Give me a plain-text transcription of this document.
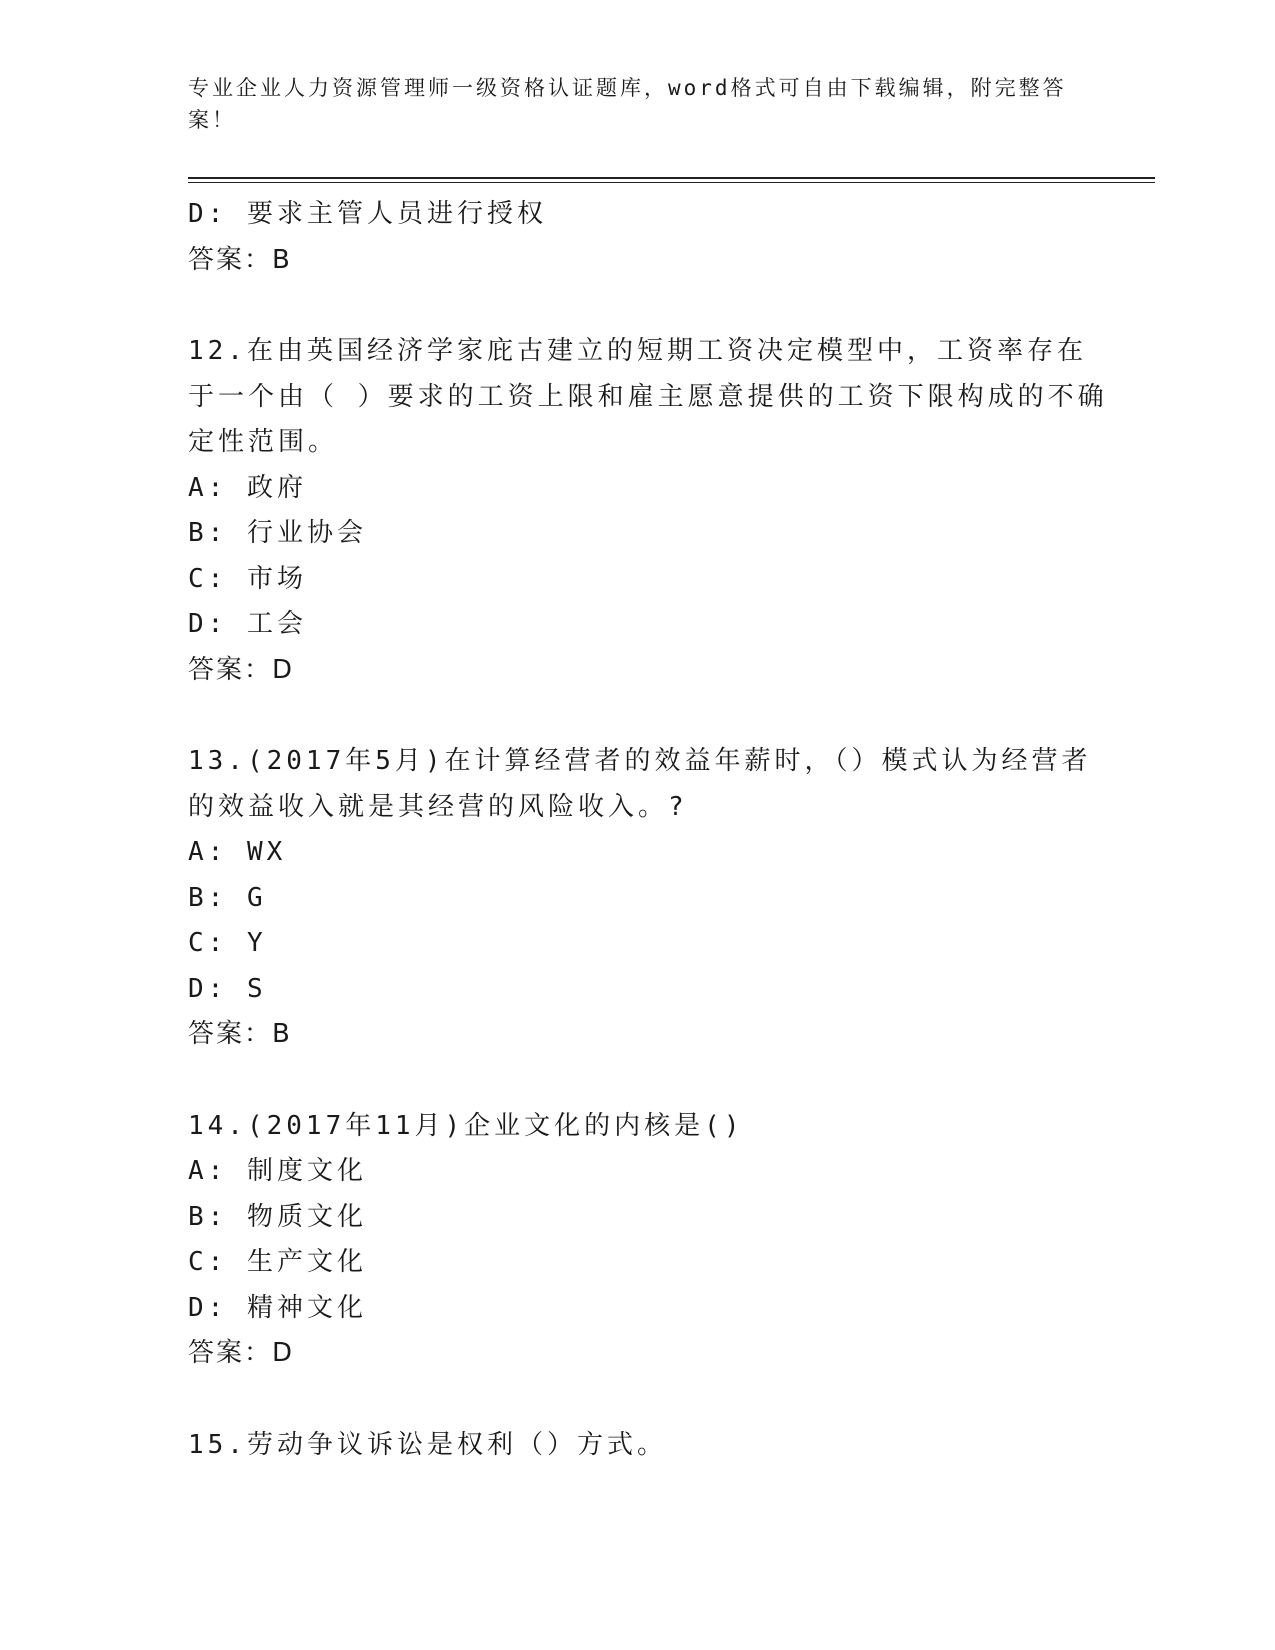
专业企业人力资源管理师一级资格认证题库，word格式可自由下载编辑，附完整答案！
D: 要求主管人员进行授权
答案：B
12.在由英国经济学家庇古建立的短期工资决定模型中，工资率存在于一个由（ ）要求的工资上限和雇主愿意提供的工资下限构成的不确定性范围。
A: 政府
B: 行业协会
C: 市场
D: 工会
答案：D
13.(2017年5月)在计算经营者的效益年薪时，（）模式认为经营者的效益收入就是其经营的风险收入。?
A: WX
B: G
C: Y
D: S
答案：B
14.(2017年11月)企业文化的内核是()
A: 制度文化
B: 物质文化
C: 生产文化
D: 精神文化
答案：D
15.劳动争议诉讼是权利（）方式。
